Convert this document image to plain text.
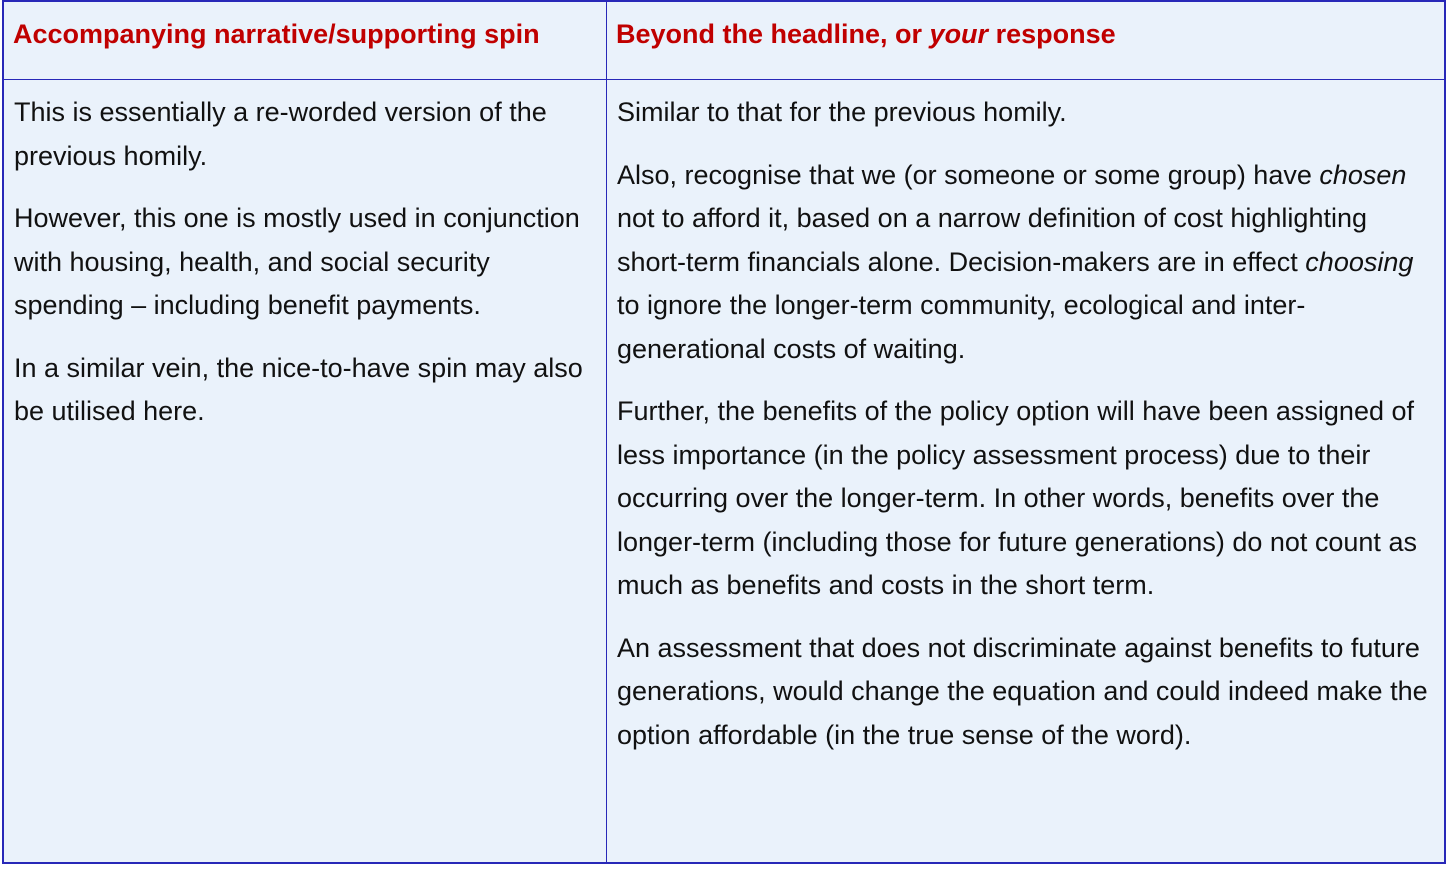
Accompanying narrative/supporting spin	Beyond the headline, or your response

This is essentially a re-worded version of the previous homily.

However, this one is mostly used in conjunction with housing, health, and social security spending – including benefit payments.

In a similar vein, the nice-to-have spin may also be utilised here.

Similar to that for the previous homily.

Also, recognise that we (or someone or some group) have chosen not to afford it, based on a narrow definition of cost highlighting short-term financials alone. Decision-makers are in effect choosing to ignore the longer-term community, ecological and inter-generational costs of waiting.

Further, the benefits of the policy option will have been assigned of less importance (in the policy assessment process) due to their occurring over the longer-term. In other words, benefits over the longer-term (including those for future generations) do not count as much as benefits and costs in the short term.

An assessment that does not discriminate against benefits to future generations, would change the equation and could indeed make the option affordable (in the true sense of the word).
